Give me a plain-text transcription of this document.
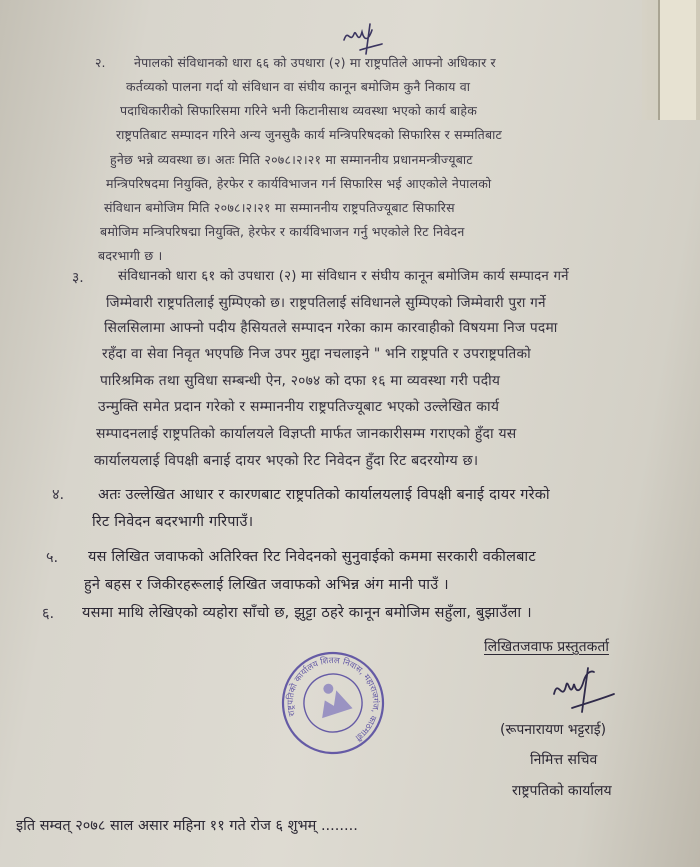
२. नेपालको संविधानको धारा ६६ को उपधारा (२) मा राष्ट्रपतिले आफ्नो अधिकार र
कर्तव्यको पालना गर्दा यो संविधान वा संघीय कानून बमोजिम कुनै निकाय वा
पदाधिकारीको सिफारिसमा गरिने भनी किटानीसाथ व्यवस्था भएको कार्य बाहेक
राष्ट्रपतिबाट सम्पादन गरिने अन्य जुनसुकै कार्य मन्त्रिपरिषदको सिफारिस र सम्मतिबाट
हुनेछ भन्ने व्यवस्था छ। अतः मिति २०७८।२।२१ मा सम्माननीय प्रधानमन्त्रीज्यूबाट
मन्त्रिपरिषदमा नियुक्ति, हेरफेर र कार्यविभाजन गर्न सिफारिस भई आएकोले नेपालको
संविधान बमोजिम मिति २०७८।२।२१ मा सम्माननीय राष्ट्रपतिज्यूबाट सिफारिस
बमोजिम मन्त्रिपरिषद्मा नियुक्ति, हेरफेर र कार्यविभाजन गर्नु भएकोले रिट निवेदन
बदरभागी छ ।
३.	संविधानको धारा ६१ को उपधारा (२) मा संविधान र संघीय कानून बमोजिम कार्य सम्पादन गर्ने
जिम्मेवारी राष्ट्रपतिलाई सुम्पिएको छ। राष्ट्रपतिलाई संविधानले सुम्पिएको जिम्मेवारी पुरा गर्ने
सिलसिलामा आफ्नो पदीय हैसियतले सम्पादन गरेका काम कारवाहीको विषयमा निज पदमा
रहँदा वा सेवा निवृत भएपछि निज उपर मुद्दा नचलाइने " भनि राष्ट्रपति र उपराष्ट्रपतिको
पारिश्रमिक तथा सुविधा सम्बन्धी ऐन, २०७४ को दफा १६ मा व्यवस्था गरी पदीय
उन्मुक्ति समेत प्रदान गरेको र सम्माननीय राष्ट्रपतिज्यूबाट भएको उल्लेखित कार्य
सम्पादनलाई राष्ट्रपतिको कार्यालयले विज्ञप्ती मार्फत जानकारीसम्म गराएको हुँदा यस
कार्यालयलाई विपक्षी बनाई दायर भएको रिट निवेदन हुँदा रिट बदरयोग्य छ।
४. अतः उल्लेखित आधार र कारणबाट राष्ट्रपतिको कार्यालयलाई विपक्षी बनाई दायर गरेको
रिट निवेदन बदरभागी गरिपाउँ।
५. यस लिखित जवाफको अतिरिक्त रिट निवेदनको सुनुवाईको कममा सरकारी वकीलबाट
हुने बहस र जिकीरहरूलाई लिखित जवाफको अभिन्न अंग मानी पाउँ ।
६. यसमा माथि लेखिएको व्यहोरा साँचो छ, झुट्टा ठहरे कानून बमोजिम सहुँला, बुझाउँला ।
लिखितजवाफ प्रस्तुतकर्ता
(रूपनारायण भट्टराई)
निमित्त सचिव
राष्ट्रपतिको कार्यालय
राष्ट्रपतिको कार्यालय शितल निवास, महाराजगंज, काठमाडौं
इति सम्वत् २०७८ साल असार महिना ११ गते रोज ६ शुभम् ........
